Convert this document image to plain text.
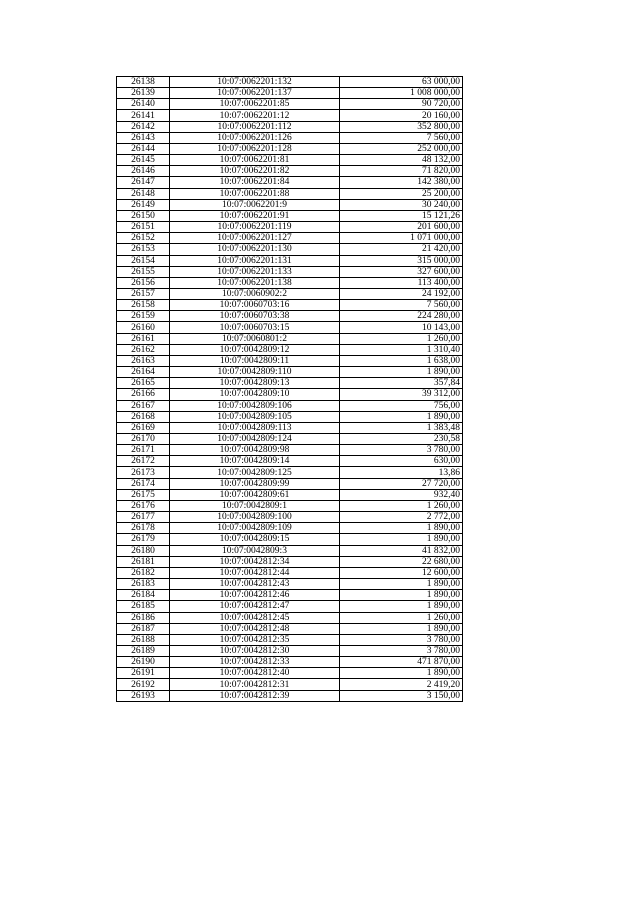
26138	10:07:0062201:132	63 000,00
26139	10:07:0062201:137	1 008 000,00
26140	10:07:0062201:85	90 720,00
26141	10:07:0062201:12	20 160,00
26142	10:07:0062201:112	352 800,00
26143	10:07:0062201:126	7 560,00
26144	10:07:0062201:128	252 000,00
26145	10:07:0062201:81	48 132,00
26146	10:07:0062201:82	71 820,00
26147	10:07:0062201:84	142 380,00
26148	10:07:0062201:88	25 200,00
26149	10:07:0062201:9	30 240,00
26150	10:07:0062201:91	15 121,26
26151	10:07:0062201:119	201 600,00
26152	10:07:0062201:127	1 071 000,00
26153	10:07:0062201:130	21 420,00
26154	10:07:0062201:131	315 000,00
26155	10:07:0062201:133	327 600,00
26156	10:07:0062201:138	113 400,00
26157	10:07:0060902:2	24 192,00
26158	10:07:0060703:16	7 560,00
26159	10:07:0060703:38	224 280,00
26160	10:07:0060703:15	10 143,00
26161	10:07:0060801:2	1 260,00
26162	10:07:0042809:12	1 310,40
26163	10:07:0042809:11	1 638,00
26164	10:07:0042809:110	1 890,00
26165	10:07:0042809:13	357,84
26166	10:07:0042809:10	39 312,00
26167	10:07:0042809:106	756,00
26168	10:07:0042809:105	1 890,00
26169	10:07:0042809:113	1 383,48
26170	10:07:0042809:124	230,58
26171	10:07:0042809:98	3 780,00
26172	10:07:0042809:14	630,00
26173	10:07:0042809:125	13,86
26174	10:07:0042809:99	27 720,00
26175	10:07:0042809:61	932,40
26176	10:07:0042809:1	1 260,00
26177	10:07:0042809:100	2 772,00
26178	10:07:0042809:109	1 890,00
26179	10:07:0042809:15	1 890,00
26180	10:07:0042809:3	41 832,00
26181	10:07:0042812:34	22 680,00
26182	10:07:0042812:44	12 600,00
26183	10:07:0042812:43	1 890,00
26184	10:07:0042812:46	1 890,00
26185	10:07:0042812:47	1 890,00
26186	10:07:0042812:45	1 260,00
26187	10:07:0042812:48	1 890,00
26188	10:07:0042812:35	3 780,00
26189	10:07:0042812:30	3 780,00
26190	10:07:0042812:33	471 870,00
26191	10:07:0042812:40	1 890,00
26192	10:07:0042812:31	2 419,20
26193	10:07:0042812:39	3 150,00
